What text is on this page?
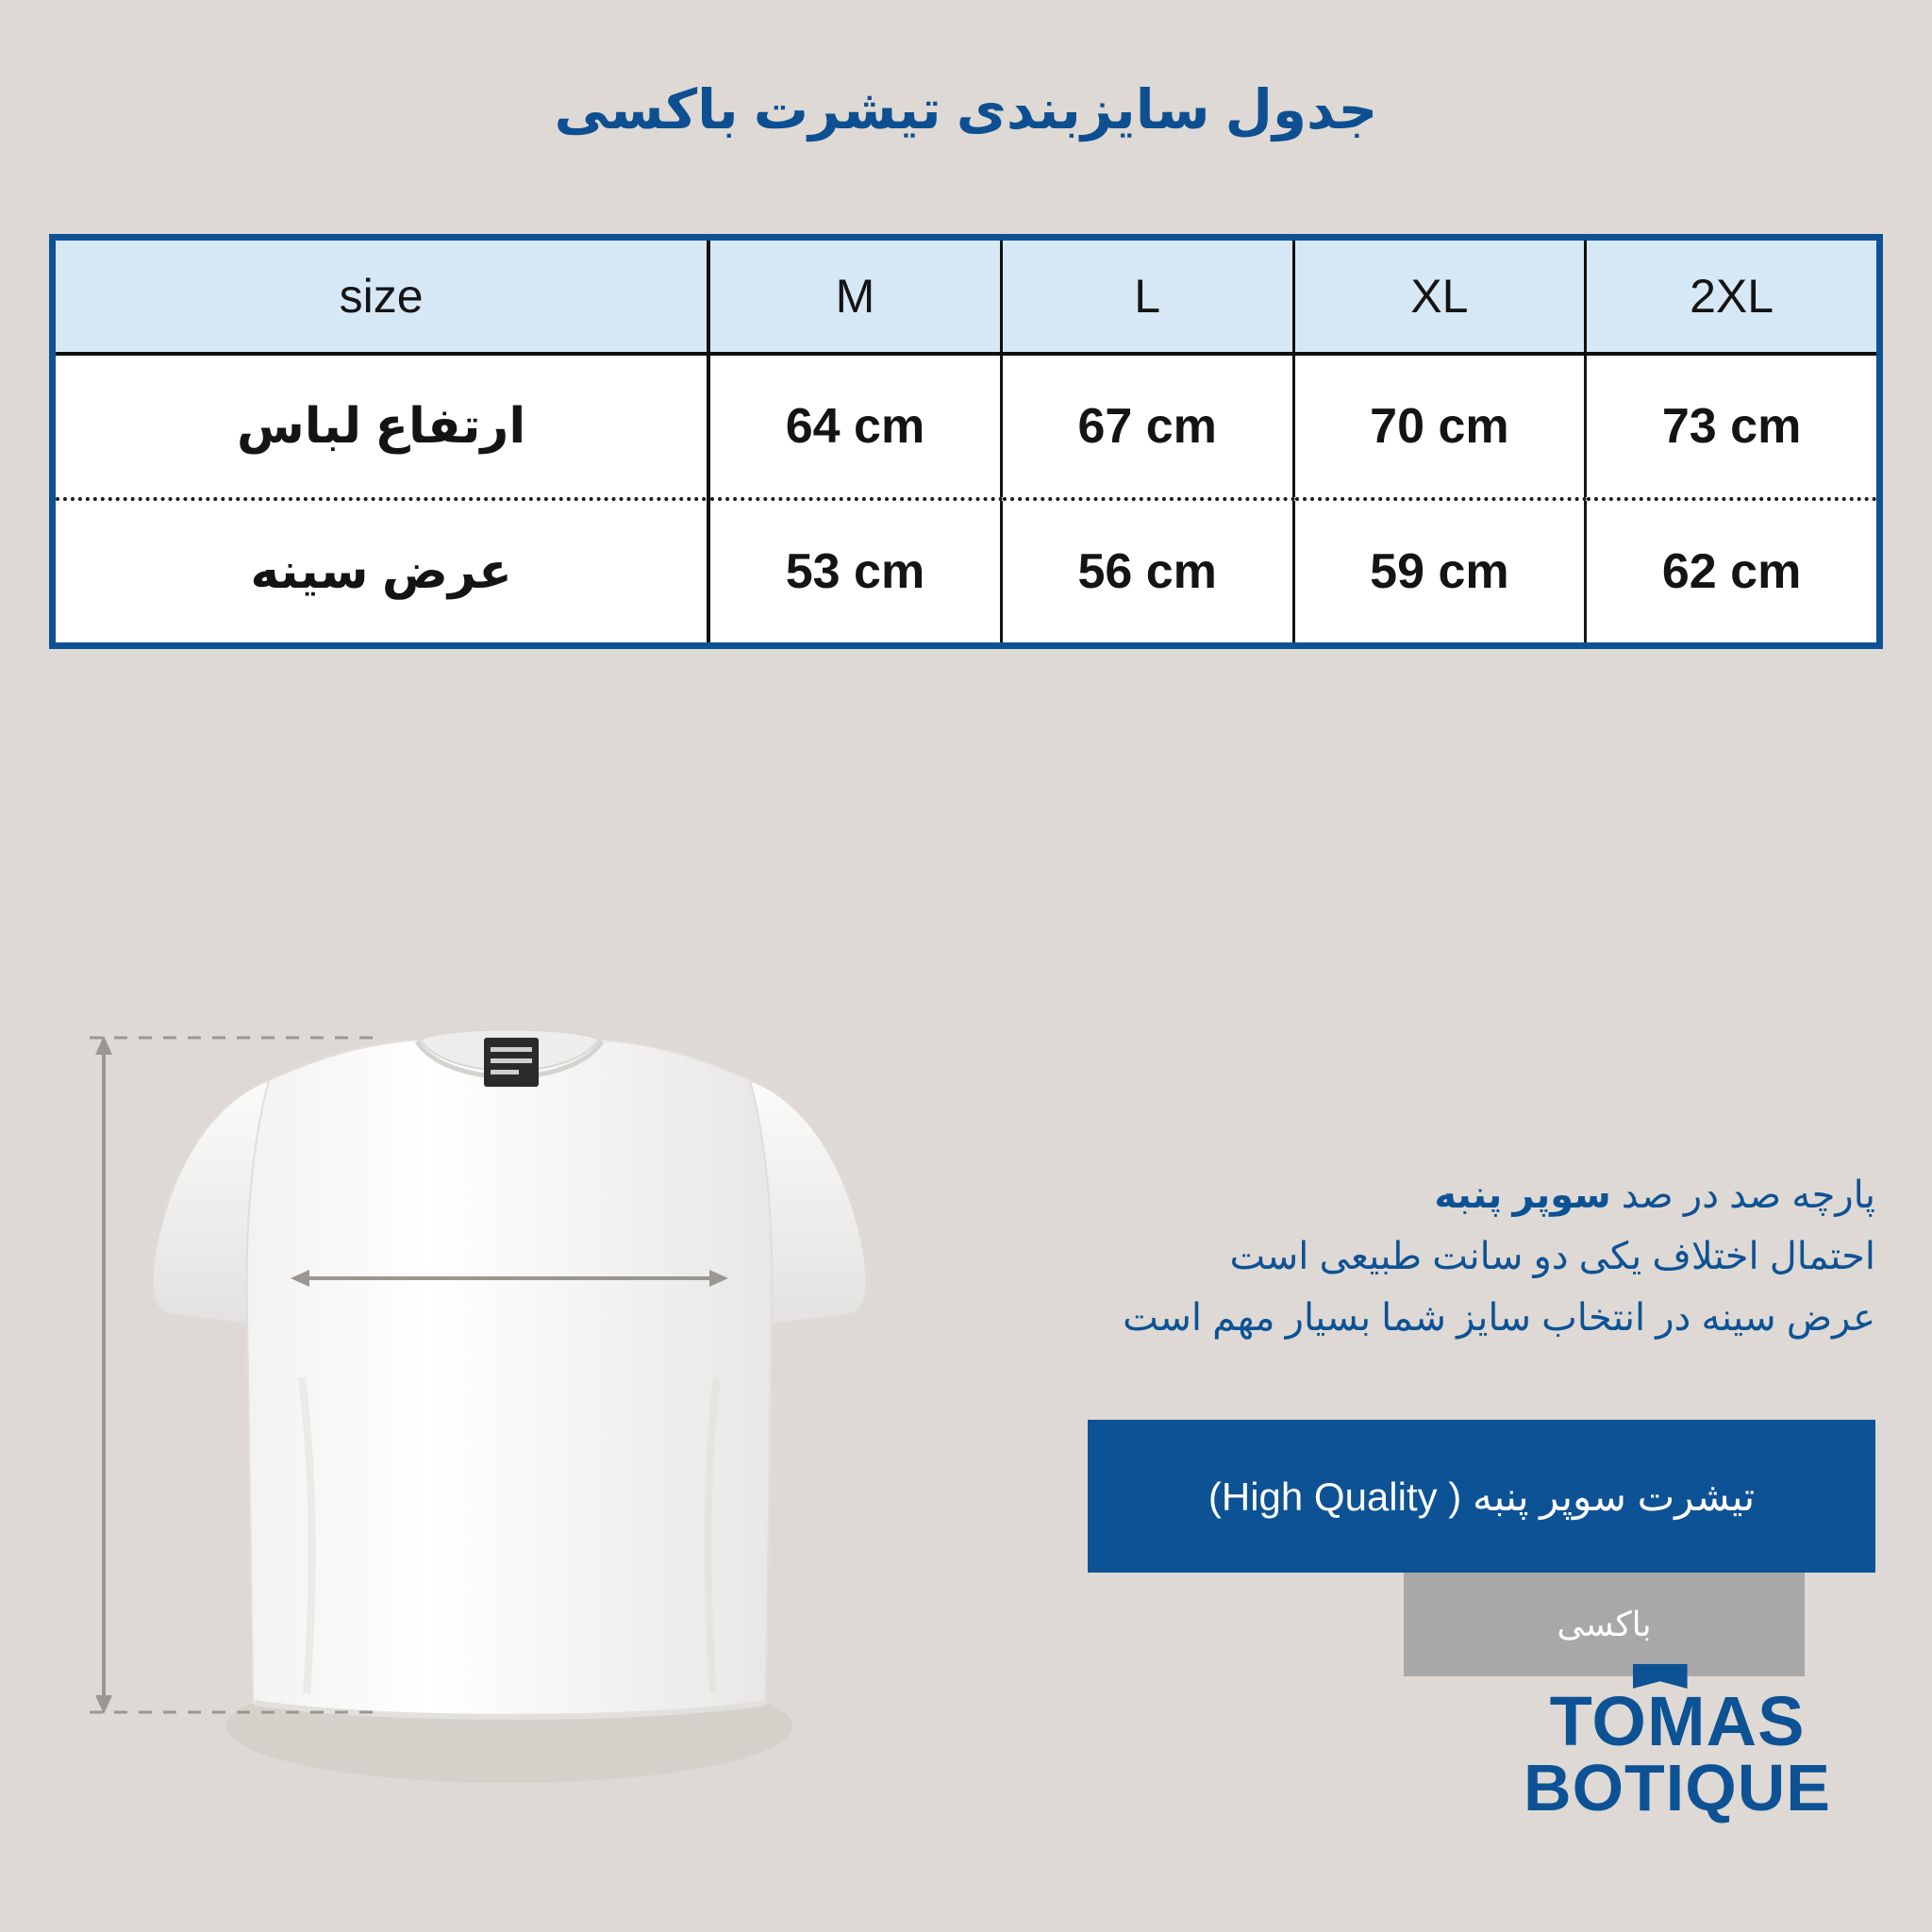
جدول سایزبندی تیشرت باکسی
size	M	L	XL	2XL
ارتفاع لباس	64 cm	67 cm	70 cm	73 cm
عرض سینه	53 cm	56 cm	59 cm	62 cm
پارچه صد در صد سوپر پنبه
احتمال اختلاف یکی دو سانت طبیعی است
عرض سینه در انتخاب سایز شما بسیار مهم است
تیشرت سوپر پنبه ( High Quality)
باکسی
TOMAS
BOTIQUE
